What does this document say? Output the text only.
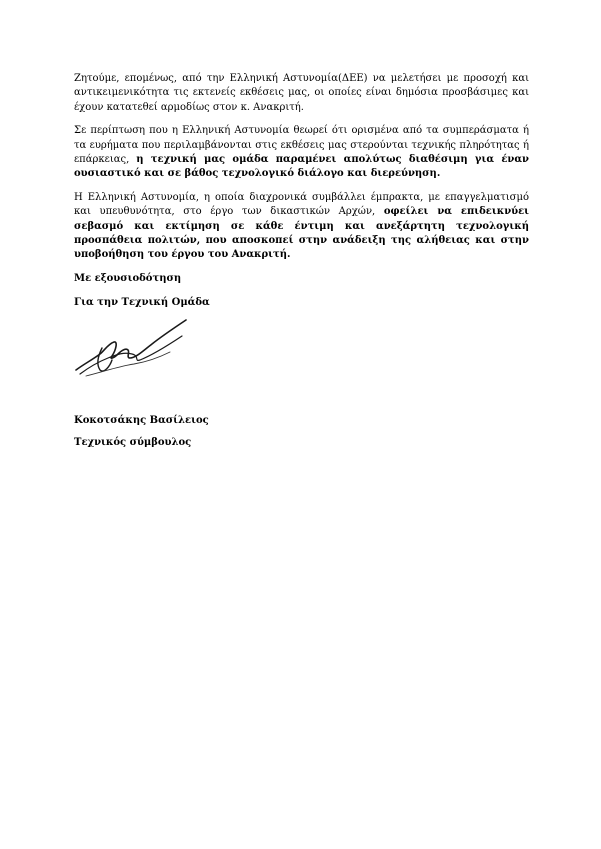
Ζητούμε, επομένως, από την Ελληνική Αστυνομία(ΔΕΕ) να μελετήσει με προσοχή και αντικειμενικότητα τις εκτενείς εκθέσεις μας, οι οποίες είναι δημόσια προσβάσιμες και έχουν κατατεθεί αρμοδίως στον κ. Ανακριτή.

Σε περίπτωση που η Ελληνική Αστυνομία θεωρεί ότι ορισμένα από τα συμπεράσματα ή τα ευρήματα που περιλαμβάνονται στις εκθέσεις μας στερούνται τεχνικής πληρότητας ή επάρκειας, η τεχνική μας ομάδα παραμένει απολύτως διαθέσιμη για έναν ουσιαστικό και σε βάθος τεχνολογικό διάλογο και διερεύνηση.

Η Ελληνική Αστυνομία, η οποία διαχρονικά συμβάλλει έμπρακτα, με επαγγελματισμό και υπευθυνότητα, στο έργο των δικαστικών Αρχών, οφείλει να επιδεικνύει σεβασμό και εκτίμηση σε κάθε έντιμη και ανεξάρτητη τεχνολογική προσπάθεια πολιτών, που αποσκοπεί στην ανάδειξη της αλήθειας και στην υποβοήθηση του έργου του Ανακριτή.

Με εξουσιοδότηση
Για την Τεχνική Ομάδα
Κοκοτσάκης Βασίλειος
Τεχνικός σύμβουλος
